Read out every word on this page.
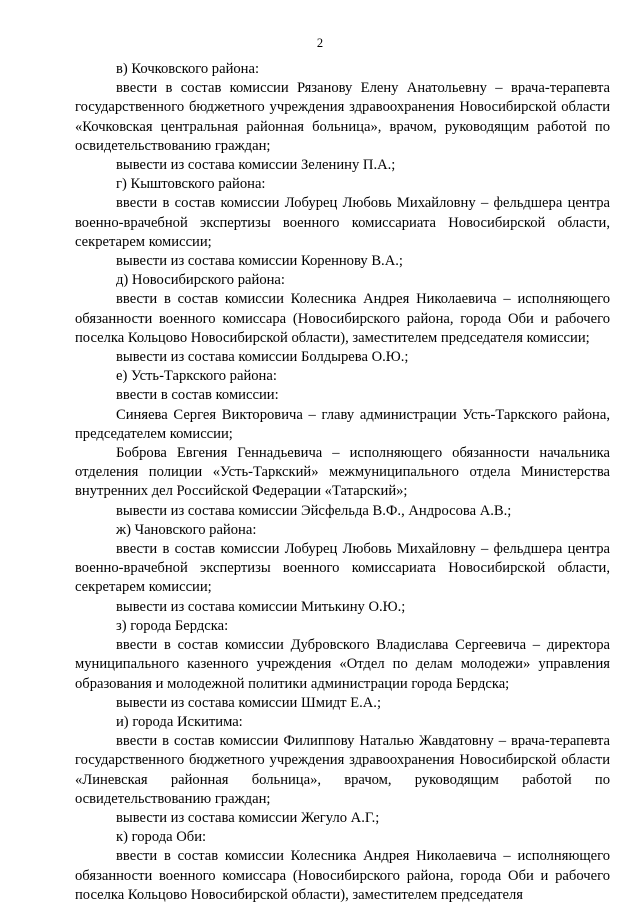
2

в) Кочковского района:

ввести в состав комиссии Рязанову Елену Анатольевну – врача-терапевта государственного бюджетного учреждения здравоохранения Новосибирской области «Кочковская центральная районная больница», врачом, руководящим работой по освидетельствованию граждан;

вывести из состава комиссии Зеленину П.А.;

г) Кыштовского района:

ввести в состав комиссии Лобурец Любовь Михайловну – фельдшера центра военно-врачебной экспертизы военного комиссариата Новосибирской области, секретарем комиссии;

вывести из состава комиссии Кореннову В.А.;

д) Новосибирского района:

ввести в состав комиссии Колесника Андрея Николаевича – исполняющего обязанности военного комиссара (Новосибирского района, города Оби и рабочего поселка Кольцово Новосибирской области), заместителем председателя комиссии;

вывести из состава комиссии Болдырева О.Ю.;

е) Усть-Таркского района:

ввести в состав комиссии:

Синяева Сергея Викторовича – главу администрации Усть-Таркского района, председателем комиссии;

Боброва Евгения Геннадьевича – исполняющего обязанности начальника отделения полиции «Усть-Таркский» межмуниципального отдела Министерства внутренних дел Российской Федерации «Татарский»;

вывести из состава комиссии Эйсфельда В.Ф., Андросова А.В.;

ж) Чановского района:

ввести в состав комиссии Лобурец Любовь Михайловну – фельдшера центра военно-врачебной экспертизы военного комиссариата Новосибирской области, секретарем комиссии;

вывести из состава комиссии Митькину О.Ю.;

з) города Бердска:

ввести в состав комиссии Дубровского Владислава Сергеевича – директора муниципального казенного учреждения «Отдел по делам молодежи» управления образования и молодежной политики администрации города Бердска;

вывести из состава комиссии Шмидт Е.А.;

и) города Искитима:

ввести в состав комиссии Филиппову Наталью Жавдатовну – врача-терапевта государственного бюджетного учреждения здравоохранения Новосибирской области «Линевская районная больница», врачом, руководящим работой по освидетельствованию граждан;

вывести из состава комиссии Жегуло А.Г.;

к) города Оби:

ввести в состав комиссии Колесника Андрея Николаевича – исполняющего обязанности военного комиссара (Новосибирского района, города Оби и рабочего поселка Кольцово Новосибирской области), заместителем председателя
